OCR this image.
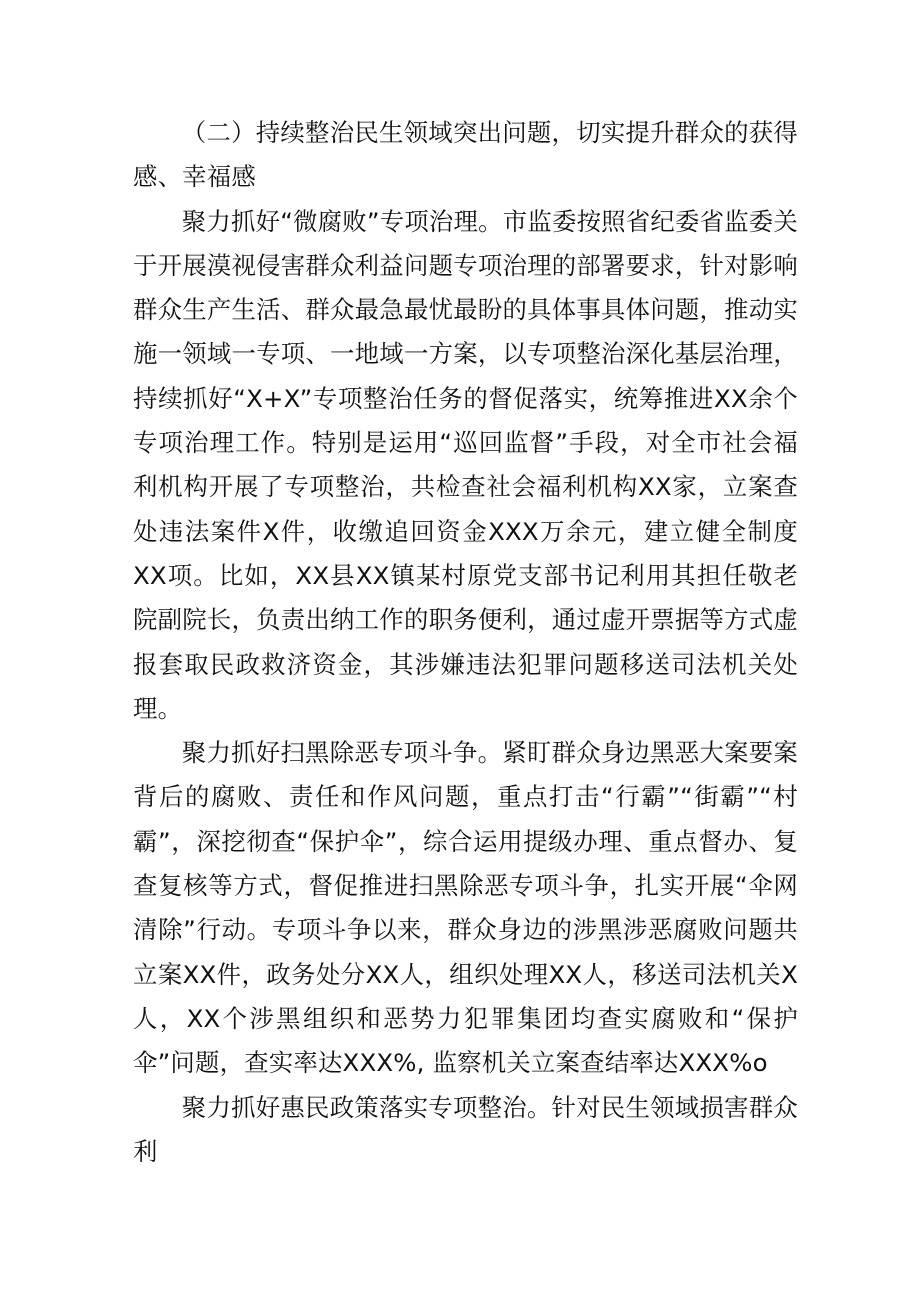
（二）持续整治民生领域突出问题，切实提升群众的获得感、幸福感

聚力抓好“微腐败”专项治理。市监委按照省纪委省监委关于开展漠视侵害群众利益问题专项治理的部署要求，针对影响群众生产生活、群众最急最忧最盼的具体事具体问题，推动实施一领域一专项、一地域一方案，以专项整治深化基层治理，持续抓好“X+X”专项整治任务的督促落实，统筹推进XX余个专项治理工作。特别是运用“巡回监督”手段，对全市社会福利机构开展了专项整治，共检查社会福利机构XX家，立案查处违法案件X件，收缴追回资金XXX万余元，建立健全制度XX项。比如，XX县XX镇某村原党支部书记利用其担任敬老院副院长，负责出纳工作的职务便利，通过虚开票据等方式虚报套取民政救济资金，其涉嫌违法犯罪问题移送司法机关处理。

聚力抓好扫黑除恶专项斗争。紧盯群众身边黑恶大案要案背后的腐败、责任和作风问题，重点打击“行霸”“街霸”“村霸”，深挖彻查“保护伞”，综合运用提级办理、重点督办、复查复核等方式，督促推进扫黑除恶专项斗争，扎实开展“伞网清除”行动。专项斗争以来，群众身边的涉黑涉恶腐败问题共立案XX件，政务处分XX人，组织处理XX人，移送司法机关X人，XX个涉黑组织和恶势力犯罪集团均查实腐败和“保护伞”问题，查实率达XXX%, 监察机关立案查结率达XXX%o

聚力抓好惠民政策落实专项整治。针对民生领域损害群众利
